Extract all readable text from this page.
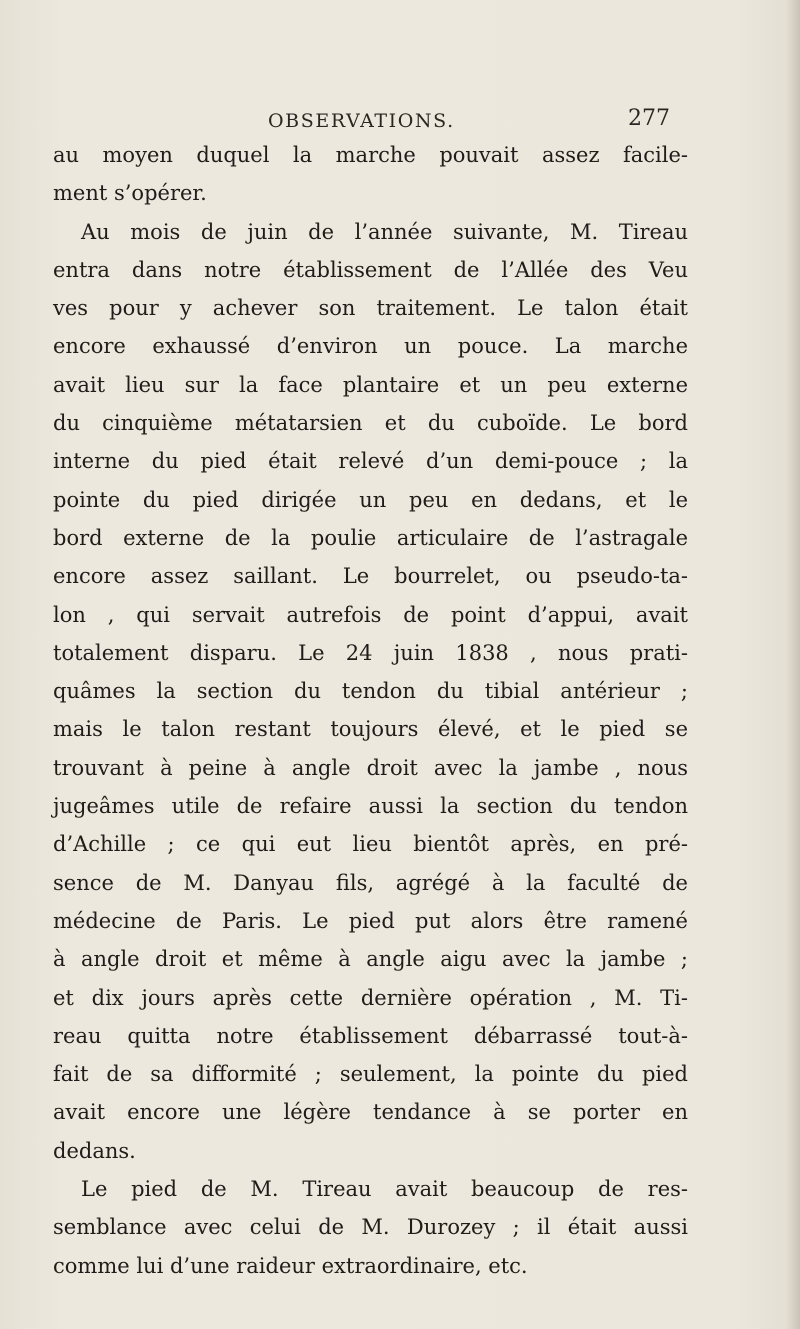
OBSERVATIONS.	277
au moyen duquel la marche pouvait assez facile-
ment s’opérer.
Au mois de juin de l’année suivante, M. Tireau
entra dans notre établissement de l’Allée des Veu
ves pour y achever son traitement. Le talon était
encore exhaussé d’environ un pouce. La marche
avait lieu sur la face plantaire et un peu externe
du cinquième métatarsien et du cuboïde. Le bord
interne du pied était relevé d’un demi-pouce ; la
pointe du pied dirigée un peu en dedans, et le
bord externe de la poulie articulaire de l’astragale
encore assez saillant. Le bourrelet, ou pseudo-ta-
lon , qui servait autrefois de point d’appui, avait
totalement disparu. Le 24 juin 1838 , nous prati-
quâmes la section du tendon du tibial antérieur ;
mais le talon restant toujours élevé, et le pied se
trouvant à peine à angle droit avec la jambe , nous
jugeâmes utile de refaire aussi la section du tendon
d’Achille ; ce qui eut lieu bientôt après, en pré-
sence de M. Danyau fils, agrégé à la faculté de
médecine de Paris. Le pied put alors être ramené
à angle droit et même à angle aigu avec la jambe ;
et dix jours après cette dernière opération , M. Ti-
reau quitta notre établissement débarrassé tout-à-
fait de sa difformité ; seulement, la pointe du pied
avait encore une légère tendance à se porter en
dedans.
Le pied de M. Tireau avait beaucoup de res-
semblance avec celui de M. Durozey ; il était aussi
comme lui d’une raideur extraordinaire, etc.
